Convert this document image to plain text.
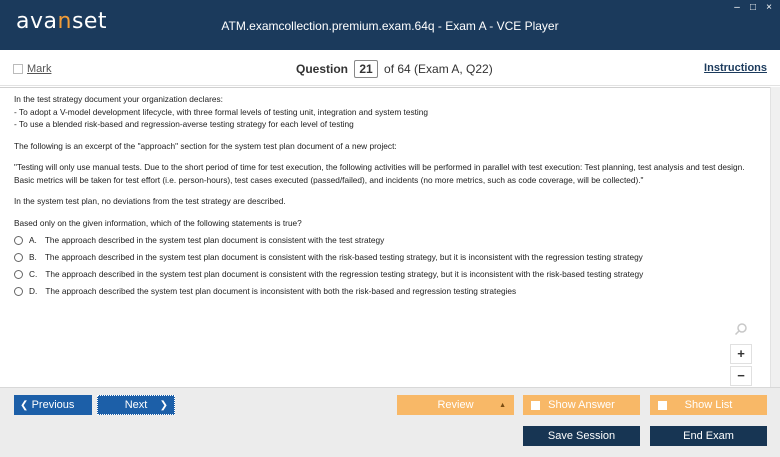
avanset	ATM.examcollection.premium.exam.64q - Exam A - VCE Player
– □ ×
Mark	Question 21 of 64 (Exam A, Q22)	Instructions

In the test strategy document your organization declares:

- To adopt a V-model development lifecycle, with three formal levels of testing unit, integration and system testing

- To use a blended risk-based and regression-averse testing strategy for each level of testing

The following is an excerpt of the "approach" section for the system test plan document of a new project:

"Testing will only use manual tests. Due to the short period of time for test execution, the following activities will be performed in parallel with test execution: Test planning, test analysis and test design.

Basic metrics will be taken for test effort (i.e. person-hours), test cases executed (passed/failed), and incidents (no more metrics, such as code coverage, will be collected)."

In the system test plan, no deviations from the test strategy are described.

Based only on the given information, which of the following statements is true?

A. The approach described in the system test plan document is consistent with the test strategy
B. The approach described in the system test plan document is consistent with the risk-based testing strategy, but it is inconsistent with the regression testing strategy
C. The approach described in the system test plan document is consistent with the regression testing strategy, but it is inconsistent with the risk-based testing strategy
D. The approach described the system test plan document is inconsistent with both the risk-based and regression testing strategies
+
−
❮ Previous	Next ❯	Review	▲	Show Answer	Show List
Save Session	End Exam
